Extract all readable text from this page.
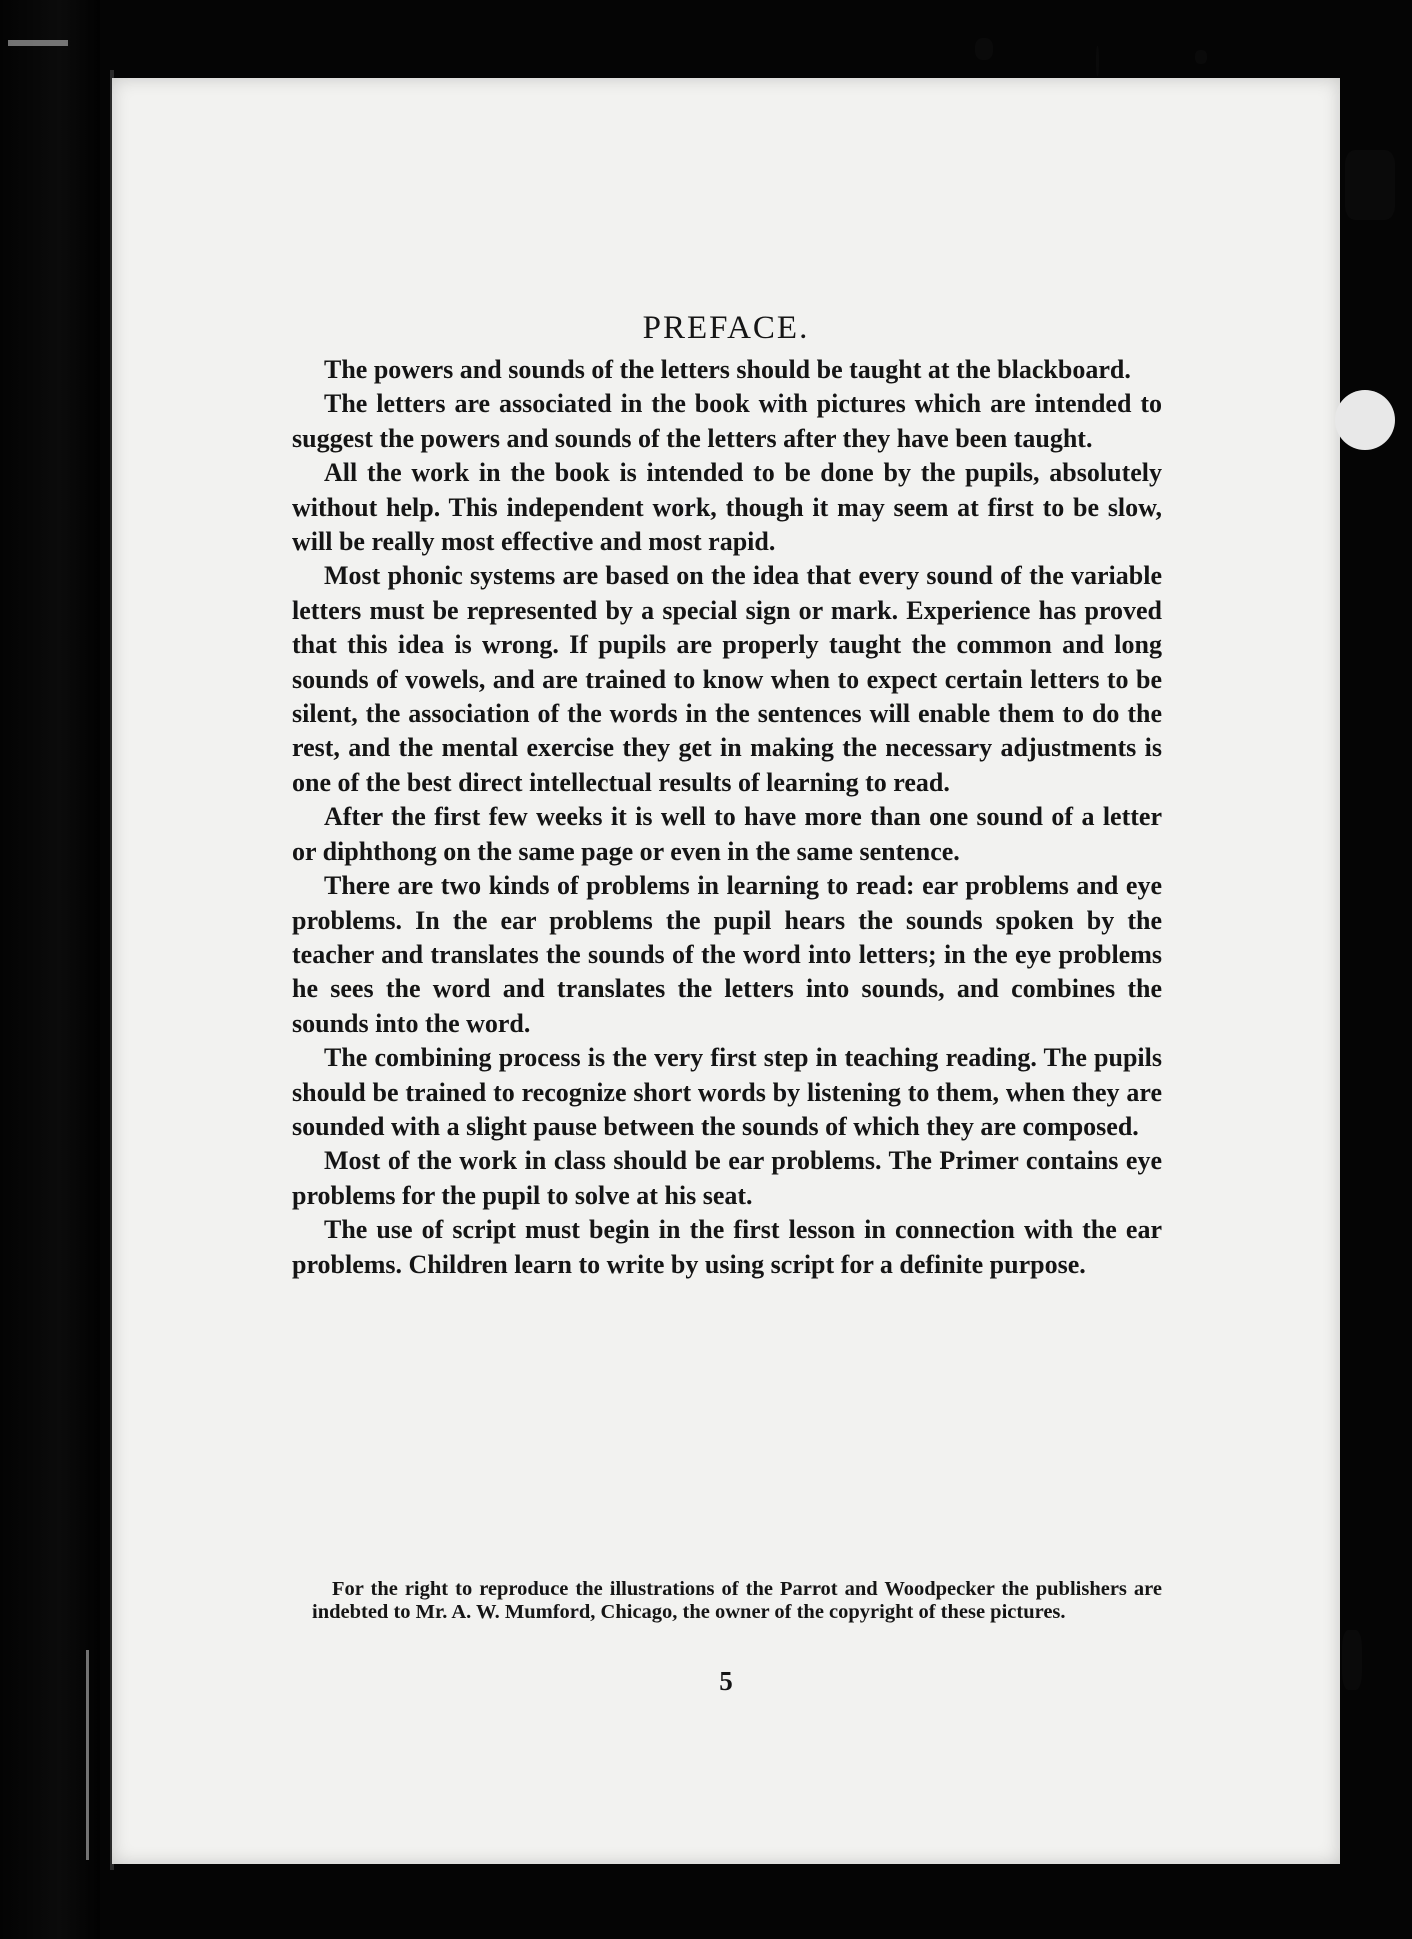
PREFACE.

The powers and sounds of the letters should be taught at the blackboard.

The letters are associated in the book with pictures which are intended to suggest the powers and sounds of the letters after they have been taught.

All the work in the book is intended to be done by the pupils, absolutely without help. This independent work, though it may seem at first to be slow, will be really most effective and most rapid.

Most phonic systems are based on the idea that every sound of the variable letters must be represented by a special sign or mark. Experience has proved that this idea is wrong. If pupils are properly taught the common and long sounds of vowels, and are trained to know when to expect certain letters to be silent, the association of the words in the sentences will enable them to do the rest, and the mental exercise they get in making the necessary adjustments is one of the best direct intellectual results of learning to read.

After the first few weeks it is well to have more than one sound of a letter or diphthong on the same page or even in the same sentence.

There are two kinds of problems in learning to read: ear problems and eye problems. In the ear problems the pupil hears the sounds spoken by the teacher and translates the sounds of the word into letters; in the eye problems he sees the word and translates the letters into sounds, and combines the sounds into the word.

The combining process is the very first step in teaching reading. The pupils should be trained to recognize short words by listening to them, when they are sounded with a slight pause between the sounds of which they are composed.

Most of the work in class should be ear problems. The Primer contains eye problems for the pupil to solve at his seat.

The use of script must begin in the first lesson in connection with the ear problems. Children learn to write by using script for a definite purpose.

For the right to reproduce the illustrations of the Parrot and Woodpecker the publishers are indebted to Mr. A. W. Mumford, Chicago, the owner of the copyright of these pictures.

5
